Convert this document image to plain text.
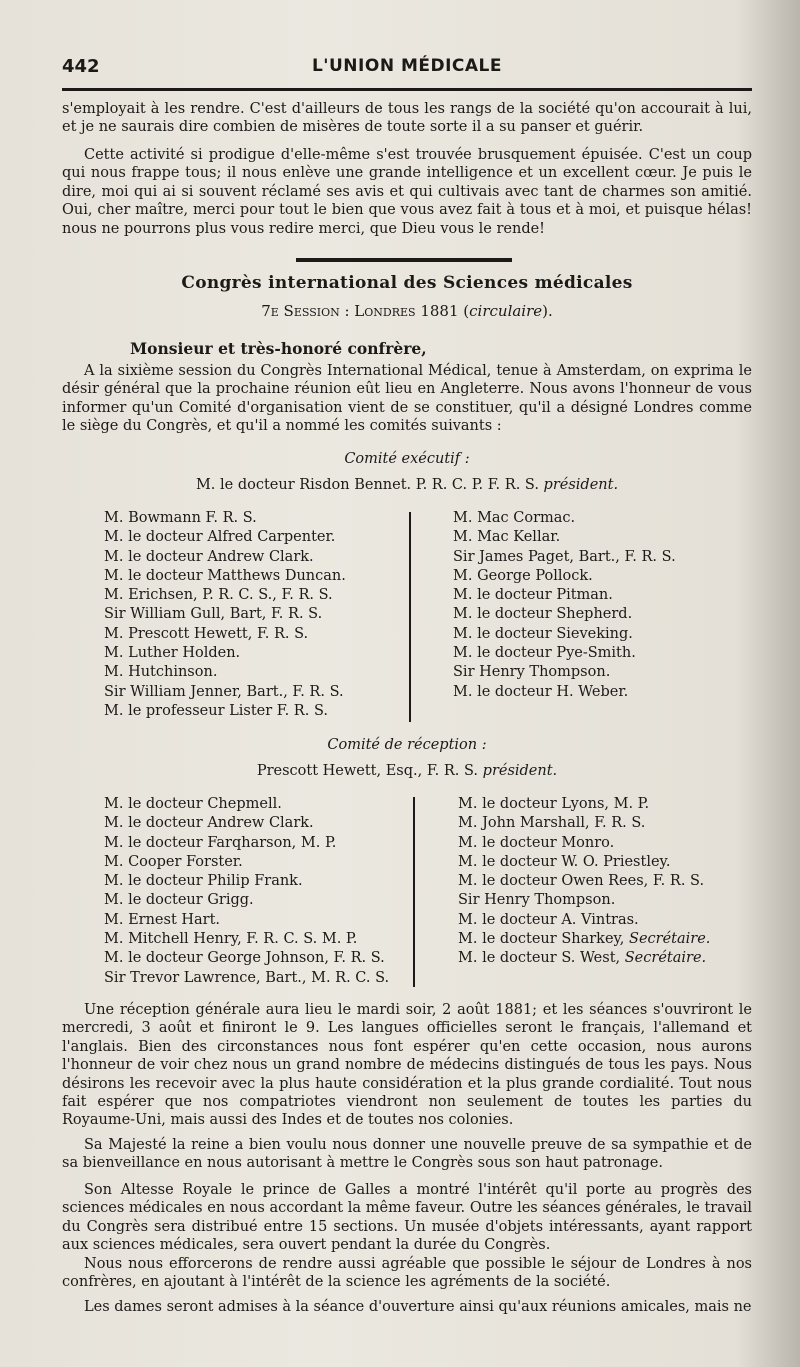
442	L'UNION MÉDICALE

s'employait à les rendre. C'est d'ailleurs de tous les rangs de la société qu'on accourait à lui, et je ne saurais dire combien de misères de toute sorte il a su panser et guérir.

Cette activité si prodigue d'elle-même s'est trouvée brusquement épuisée. C'est un coup qui nous frappe tous; il nous enlève une grande intelligence et un excellent cœur. Je puis le dire, moi qui ai si souvent réclamé ses avis et qui cultivais avec tant de charmes son amitié. Oui, cher maître, merci pour tout le bien que vous avez fait à tous et à moi, et puisque hélas! nous ne pourrons plus vous redire merci, que Dieu vous le rende!

Congrès international des Sciences médicales
7e Session : Londres 1881 (circulaire).
Monsieur et très-honoré confrère,

A la sixième session du Congrès International Médical, tenue à Amsterdam, on exprima le désir général que la prochaine réunion eût lieu en Angleterre. Nous avons l'honneur de vous informer qu'un Comité d'organisation vient de se constituer, qu'il a désigné Londres comme le siège du Congrès, et qu'il a nommé les comités suivants :

Comité exécutif :
M. le docteur Risdon Bennet. P. R. C. P. F. R. S. président.
M. Bowmann F. R. S.
M. le docteur Alfred Carpenter.
M. le docteur Andrew Clark.
M. le docteur Matthews Duncan.
M. Erichsen, P. R. C. S., F. R. S.
Sir William Gull, Bart, F. R. S.
M. Prescott Hewett, F. R. S.
M. Luther Holden.
M. Hutchinson.
Sir William Jenner, Bart., F. R. S.
M. le professeur Lister F. R. S.
M. Mac Cormac.
M. Mac Kellar.
Sir James Paget, Bart., F. R. S.
M. George Pollock.
M. le docteur Pitman.
M. le docteur Shepherd.
M. le docteur Sieveking.
M. le docteur Pye-Smith.
Sir Henry Thompson.
M. le docteur H. Weber.
Comité de réception :
Prescott Hewett, Esq., F. R. S. président.
M. le docteur Chepmell.
M. le docteur Andrew Clark.
M. le docteur Farqharson, M. P.
M. Cooper Forster.
M. le docteur Philip Frank.
M. le docteur Grigg.
M. Ernest Hart.
M. Mitchell Henry, F. R. C. S. M. P.
M. le docteur George Johnson, F. R. S.
Sir Trevor Lawrence, Bart., M. R. C. S.
M. le docteur Lyons, M. P.
M. John Marshall, F. R. S.
M. le docteur Monro.
M. le docteur W. O. Priestley.
M. le docteur Owen Rees, F. R. S.
Sir Henry Thompson.
M. le docteur A. Vintras.
M. le docteur Sharkey, Secrétaire.
M. le docteur S. West, Secrétaire.

Une réception générale aura lieu le mardi soir, 2 août 1881; et les séances s'ouvriront le mercredi, 3 août et finiront le 9. Les langues officielles seront le français, l'allemand et l'anglais. Bien des circonstances nous font espérer qu'en cette occasion, nous aurons l'honneur de voir chez nous un grand nombre de médecins distingués de tous les pays. Nous désirons les recevoir avec la plus haute considération et la plus grande cordialité. Tout nous fait espérer que nos compatriotes viendront non seulement de toutes les parties du Royaume-Uni, mais aussi des Indes et de toutes nos colonies.

Sa Majesté la reine a bien voulu nous donner une nouvelle preuve de sa sympathie et de sa bienveillance en nous autorisant à mettre le Congrès sous son haut patronage.

Son Altesse Royale le prince de Galles a montré l'intérêt qu'il porte au progrès des sciences médicales en nous accordant la même faveur. Outre les séances générales, le travail du Congrès sera distribué entre 15 sections. Un musée d'objets intéressants, ayant rapport aux sciences médicales, sera ouvert pendant la durée du Congrès.

Nous nous efforcerons de rendre aussi agréable que possible le séjour de Londres à nos confrères, en ajoutant à l'intérêt de la science les agréments de la société.

Les dames seront admises à la séance d'ouverture ainsi qu'aux réunions amicales, mais ne
